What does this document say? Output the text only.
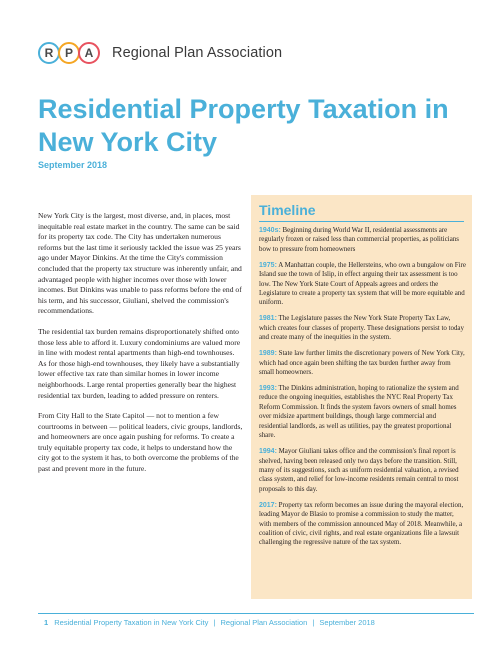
R P A	Regional Plan Association
Residential Property Taxation in New York City
September 2018

New York City is the largest, most diverse, and, in places, most inequitable real estate market in the country. The same can be said for its property tax code. The City has undertaken numerous reforms but the last time it seriously tackled the issue was 25 years ago under Mayor Dinkins. At the time the City's commission concluded that the property tax structure was inherently unfair, and advantaged people with higher incomes over those with lower incomes. But Dinkins was unable to pass reforms before the end of his term, and his successor, Giuliani, shelved the commission's recommendations.

The residential tax burden remains disproportionately shifted onto those less able to afford it. Luxury condominiums are valued more in line with modest rental apartments than high-end townhouses. As for those high-end townhouses, they likely have a substantially lower effective tax rate than similar homes in lower income neighborhoods. Large rental properties generally bear the highest residential tax burden, leading to added pressure on renters.

From City Hall to the State Capitol — not to mention a few courtrooms in between — political leaders, civic groups, landlords, and homeowners are once again pushing for reforms. To create a truly equitable property tax code, it helps to understand how the city got to the system it has, to both overcome the problems of the past and prevent more in the future.

Timeline

1940s: Beginning during World War II, residential assessments are regularly frozen or raised less than commercial properties, as politicians bow to pressure from homeowners

1975: A Manhattan couple, the Hellersteins, who own a bungalow on Fire Island sue the town of Islip, in effect arguing their tax assessment is too low. The New York State Court of Appeals agrees and orders the Legislature to create a property tax system that will be more equitable and uniform.

1981: The Legislature passes the New York State Property Tax Law, which creates four classes of property. These designations persist to today and create many of the inequities in the system.

1989: State law further limits the discretionary powers of New York City, which had once again been shifting the tax burden further away from small homeowners.

1993: The Dinkins administration, hoping to rationalize the system and reduce the ongoing inequities, establishes the NYC Real Property Tax Reform Commission. It finds the system favors owners of small homes over midsize apartment buildings, though large commercial and residential landlords, as well as utilities, pay the greatest proportional share.

1994: Mayor Giuliani takes office and the commission's final report is shelved, having been released only two days before the transition. Still, many of its suggestions, such as uniform residential valuation, a revised class system, and relief for low-income residents remain central to most proposals to this day.

2017: Property tax reform becomes an issue during the mayoral election, leading Mayor de Blasio to promise a commission to study the matter, with members of the commission announced May of 2018. Meanwhile, a coalition of civic, civil rights, and real estate organizations file a lawsuit challenging the regressive nature of the tax system.

1 Residential Property Taxation in New York City | Regional Plan Association | September 2018
